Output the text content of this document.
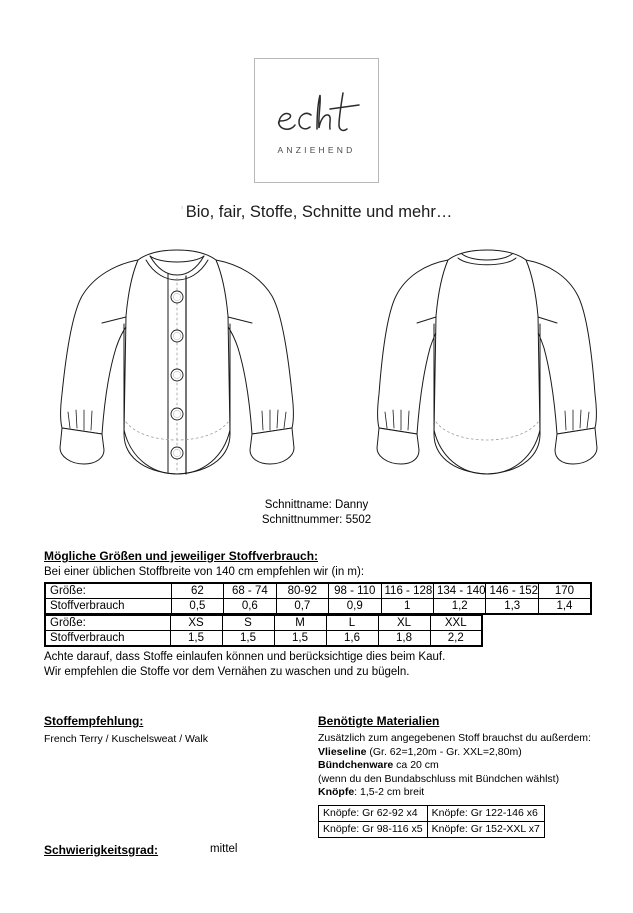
ANZIEHEND
' Bio, fair, Stoffe, Schnitte und mehr…
Schnittname: Danny
Schnittnummer: 5502
Mögliche Größen und jeweiliger Stoffverbrauch:
Bei einer üblichen Stoffbreite von 140 cm empfehlen wir (in m):
Größe:	62	68 - 74	80-92	98 - 110	116 - 128	134 - 140	146 - 152	170
Stoffverbrauch	0,5	0,6	0,7	0,9	1	1,2	1,3	1,4
Größe:	XS	S	M	L	XL	XXL
Stoffverbrauch	1,5	1,5	1,5	1,6	1,8	2,2
Achte darauf, dass Stoffe einlaufen können und berücksichtige dies beim Kauf.
Wir empfehlen die Stoffe vor dem Vernähen zu waschen und zu bügeln.
Stoffempfehlung:
French Terry / Kuschelsweat / Walk
Benötigte Materialien
Zusätzlich zum angegebenen Stoff brauchst du außerdem:
Vlieseline (Gr. 62=1,20m - Gr. XXL=2,80m)
Bündchenware ca 20 cm
(wenn du den Bundabschluss mit Bündchen wählst)
Knöpfe: 1,5-2 cm breit
Knöpfe: Gr 62-92 x4	Knöpfe: Gr 122-146 x6
Knöpfe: Gr 98-116 x5	Knöpfe: Gr 152-XXL x7
Schwierigkeitsgrad:	mittel
